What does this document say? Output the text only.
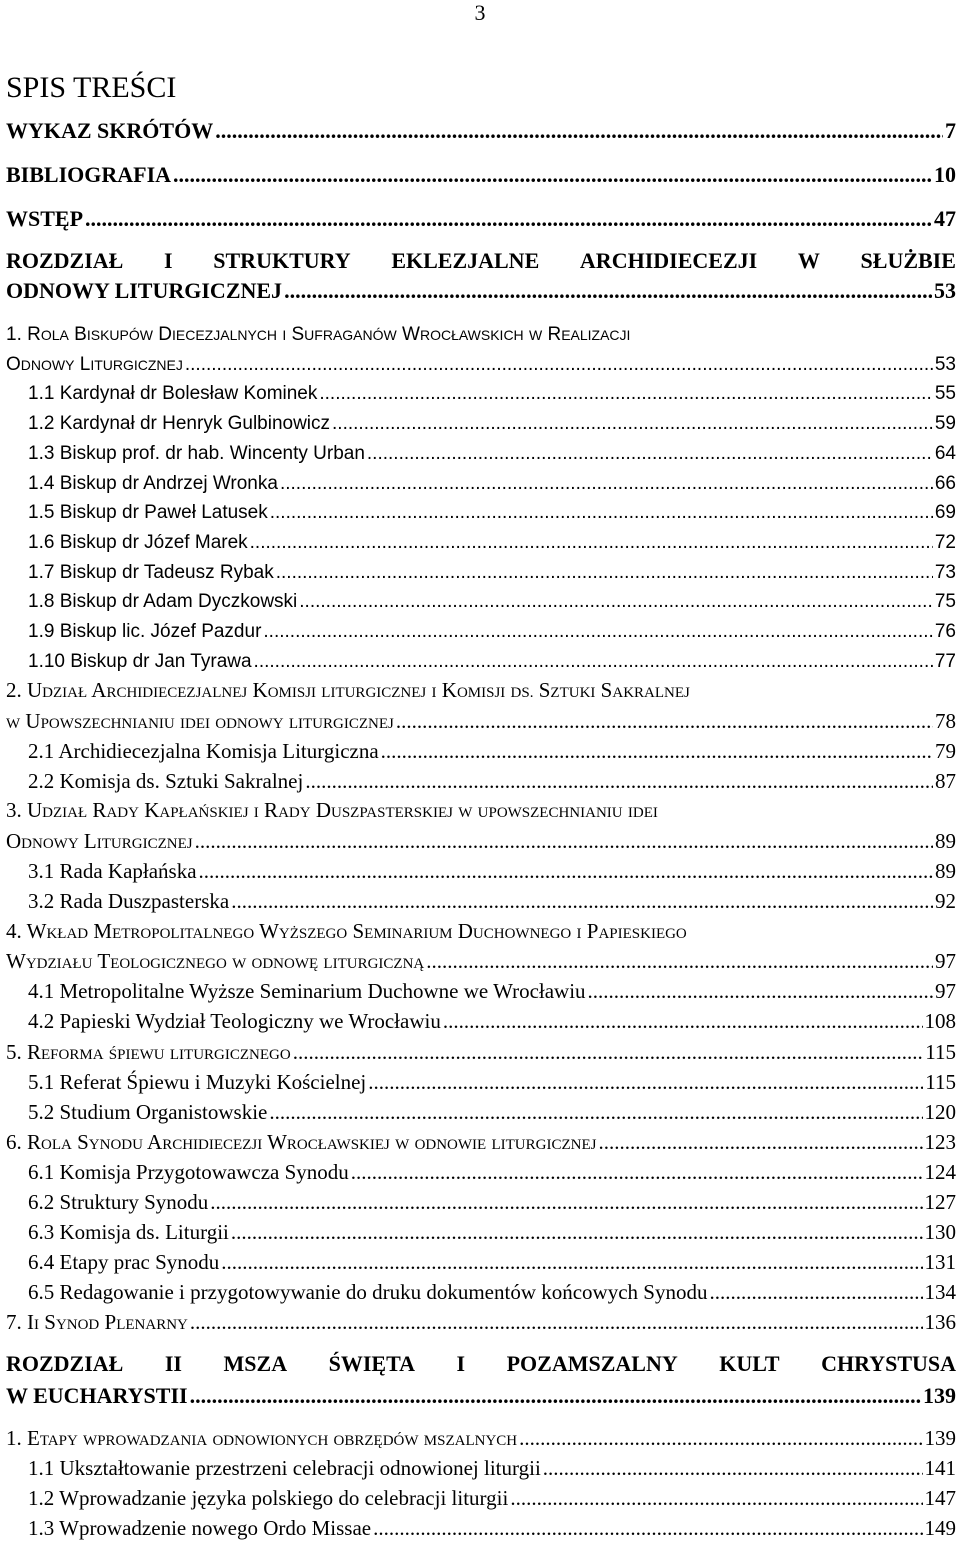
3
SPIS TREŚCI
WYKAZ SKRÓTÓW .....	7
BIBLIOGRAFIA .....	10
WSTĘP .....	47
ROZDZIAŁ I STRUKTURY EKLEZJALNE ARCHIDIECEZJI W SŁUŻBIE
ODNOWY LITURGICZNEJ .....	53
1. ROLA BISKUPÓW DIECEZJALNYCH I SUFRAGANÓW WROCŁAWSKICH W REALIZACJI
ODNOWY LITURGICZNEJ .....	53
1.1 Kardynał dr Bolesław Kominek .....	55
1.2 Kardynał dr Henryk Gulbinowicz .....	59
1.3 Biskup prof. dr hab. Wincenty Urban .....	64
1.4 Biskup dr Andrzej Wronka .....	66
1.5 Biskup dr Paweł Latusek .....	69
1.6 Biskup dr Józef Marek .....	72
1.7 Biskup dr Tadeusz Rybak .....	73
1.8 Biskup dr Adam Dyczkowski .....	75
1.9 Biskup lic. Józef Pazdur .....	76
1.10 Biskup dr Jan Tyrawa .....	77
2. UDZIAŁ ARCHIDIECEZJALNEJ KOMISJI LITURGICZNEJ I KOMISJI DS. SZTUKI SAKRALNEJ
W UPOWSZECHNIANIU IDEI ODNOWY LITURGICZNEJ .....	78
2.1 Archidiecezjalna Komisja Liturgiczna .....	79
2.2 Komisja ds. Sztuki Sakralnej .....	87
3. UDZIAŁ RADY KAPŁAŃSKIEJ I RADY DUSZPASTERSKIEJ W UPOWSZECHNIANIU IDEI
ODNOWY LITURGICZNEJ .....	89
3.1 Rada Kapłańska .....	89
3.2 Rada Duszpasterska .....	92
4. WKŁAD METROPOLITALNEGO WYŻSZEGO SEMINARIUM DUCHOWNEGO I PAPIESKIEGO
WYDZIAŁU TEOLOGICZNEGO W ODNOWĘ LITURGICZNĄ .....	97
4.1 Metropolitalne Wyższe Seminarium Duchowne we Wrocławiu .....	97
4.2 Papieski Wydział Teologiczny we Wrocławiu .....	108
5. REFORMA ŚPIEWU LITURGICZNEGO .....	115
5.1 Referat Śpiewu i Muzyki Kościelnej .....	115
5.2 Studium Organistowskie .....	120
6. ROLA SYNODU ARCHIDIECEZJI WROCŁAWSKIEJ W ODNOWIE LITURGICZNEJ .....	123
6.1 Komisja Przygotowawcza Synodu .....	124
6.2 Struktury Synodu .....	127
6.3 Komisja ds. Liturgii .....	130
6.4 Etapy prac Synodu .....	131
6.5 Redagowanie i przygotowywanie do druku dokumentów końcowych Synodu .....	134
7. II SYNOD PLENARNY .....	136
ROZDZIAŁ II MSZA ŚWIĘTA I POZAMSZALNY KULT CHRYSTUSA
W EUCHARYSTII .....	139
1. ETAPY WPROWADZANIA ODNOWIONYCH OBRZĘDÓW MSZALNYCH .....	139
1.1 Ukształtowanie przestrzeni celebracji odnowionej liturgii .....	141
1.2 Wprowadzanie języka polskiego do celebracji liturgii .....	147
1.3 Wprowadzenie nowego Ordo Missae .....	149
